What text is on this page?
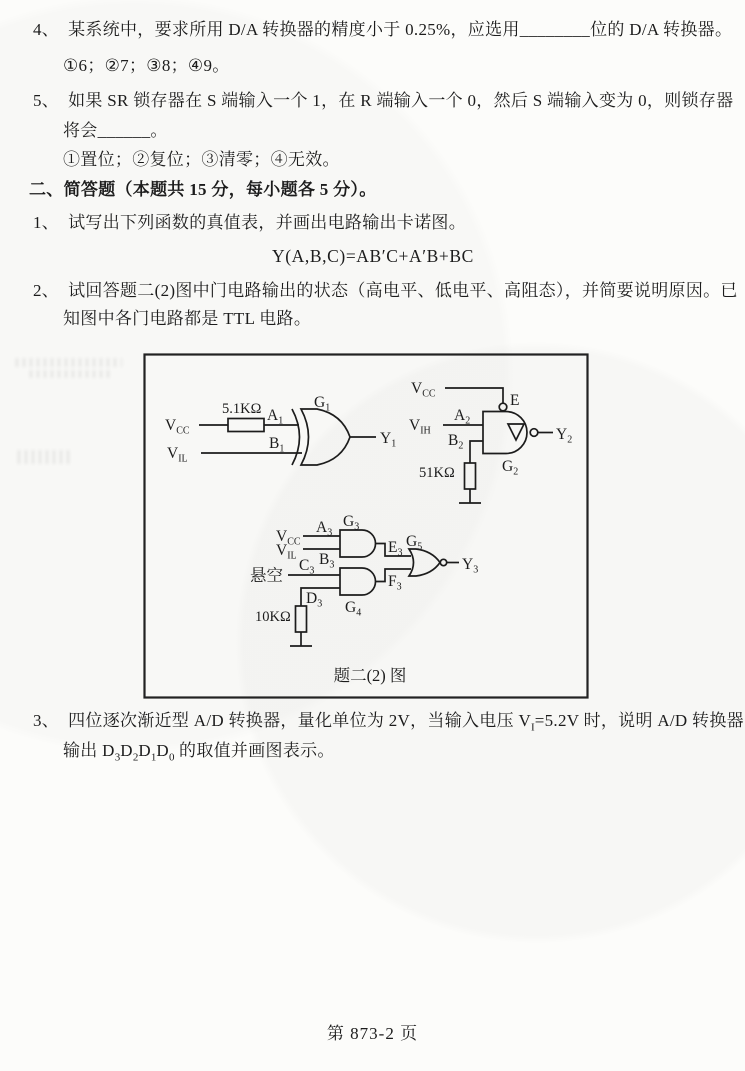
4、 某系统中，要求所用 D/A 转换器的精度小于 0.25%，应选用________位的 D/A 转换器。
①6；②7；③8；④9。
5、 如果 SR 锁存器在 S 端输入一个 1，在 R 端输入一个 0，然后 S 端输入变为 0，则锁存器
将会______。
①置位；②复位；③清零；④无效。
二、简答题（本题共 15 分，每小题各 5 分）。
1、 试写出下列函数的真值表，并画出电路输出卡诺图。
Y(A,B,C)=AB′C+A′B+BC
2、 试回答题二(2)图中门电路输出的状态（高电平、低电平、高阻态），并简要说明原因。已
知图中各门电路都是 TTL 电路。
$V_{CC}$
5.1KΩ $A_1$
$V_{IL}$
$B_1$
$G_1$
$Y_1$
$V_{CC}$	E
$A_2$
$V_{IH}$	$Y_2$
$B_2$
51KΩ	$G_2$
$V_{CC}$
$V_{IL}$
$A_3$
$B_3$
$G_3$
$E_3$
悬空
$C_3$
$D_3$ $G_4$
10KΩ
$F_3$
$G_5$
$Y_3$
题二(2) 图
3、 四位逐次渐近型 A/D 转换器，量化单位为 2V，当输入电压 $V_I=5.2V$ 时，说明 A/D 转换器
输出 $D_3D_2D_1D_0$ 的取值并画图表示。
第 873-2 页
